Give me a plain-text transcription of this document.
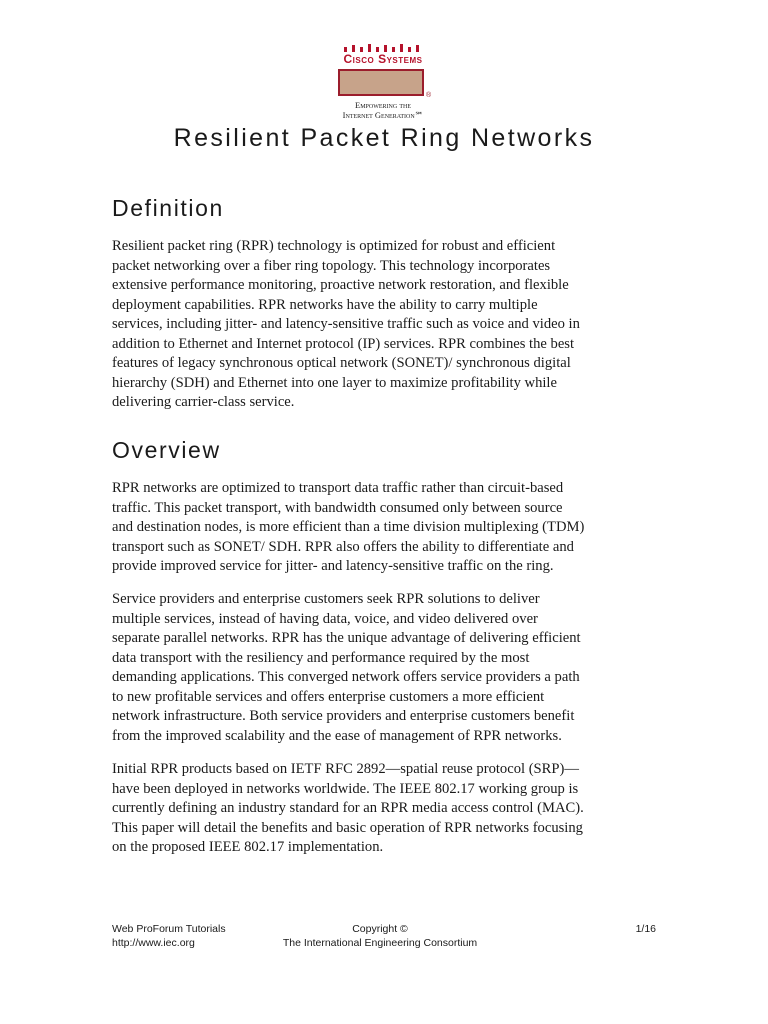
Cisco Systems
®
Empowering the
Internet Generation℠
Resilient Packet Ring Networks
Definition

Resilient packet ring (RPR) technology is optimized for robust and efficient
packet networking over a fiber ring topology. This technology incorporates
extensive performance monitoring, proactive network restoration, and flexible
deployment capabilities. RPR networks have the ability to carry multiple
services, including jitter- and latency-sensitive traffic such as voice and video in
addition to Ethernet and Internet protocol (IP) services. RPR combines the best
features of legacy synchronous optical network (SONET)/ synchronous digital
hierarchy (SDH) and Ethernet into one layer to maximize profitability while
delivering carrier-class service.

Overview

RPR networks are optimized to transport data traffic rather than circuit-based
traffic. This packet transport, with bandwidth consumed only between source
and destination nodes, is more efficient than a time division multiplexing (TDM)
transport such as SONET/ SDH. RPR also offers the ability to differentiate and
provide improved service for jitter- and latency-sensitive traffic on the ring.

Service providers and enterprise customers seek RPR solutions to deliver
multiple services, instead of having data, voice, and video delivered over
separate parallel networks. RPR has the unique advantage of delivering efficient
data transport with the resiliency and performance required by the most
demanding applications. This converged network offers service providers a path
to new profitable services and offers enterprise customers a more efficient
network infrastructure. Both service providers and enterprise customers benefit
from the improved scalability and the ease of management of RPR networks.

Initial RPR products based on IETF RFC 2892—spatial reuse protocol (SRP)—
have been deployed in networks worldwide. The IEEE 802.17 working group is
currently defining an industry standard for an RPR media access control (MAC).
This paper will detail the benefits and basic operation of RPR networks focusing
on the proposed IEEE 802.17 implementation.

Web ProForum Tutorials
http://www.iec.org
Copyright ©
The International Engineering Consortium
1/16
